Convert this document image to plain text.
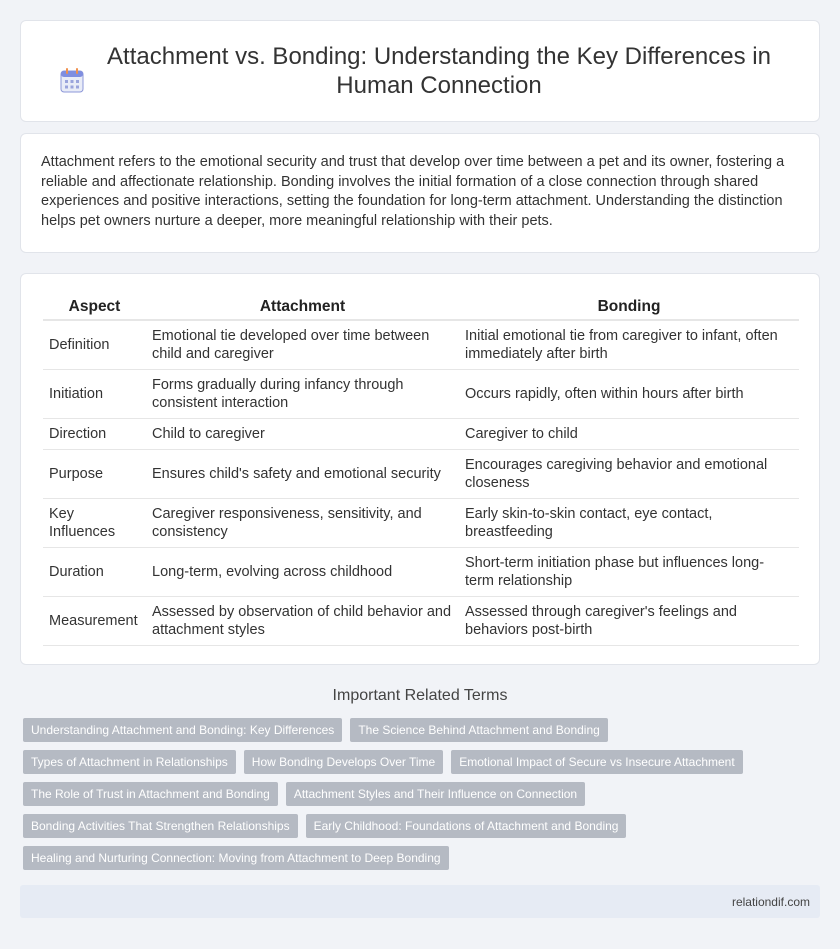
Attachment vs. Bonding: Understanding the Key Differences in Human Connection

Attachment refers to the emotional security and trust that develop over time between a pet and its owner, fostering a reliable and affectionate relationship. Bonding involves the initial formation of a close connection through shared experiences and positive interactions, setting the foundation for long-term attachment. Understanding the distinction helps pet owners nurture a deeper, more meaningful relationship with their pets.

Aspect	Attachment	Bonding
Definition	Emotional tie developed over time between child and caregiver	Initial emotional tie from caregiver to infant, often immediately after birth
Initiation	Forms gradually during infancy through consistent interaction	Occurs rapidly, often within hours after birth
Direction	Child to caregiver	Caregiver to child
Purpose	Ensures child's safety and emotional security	Encourages caregiving behavior and emotional closeness
Key Influences	Caregiver responsiveness, sensitivity, and consistency	Early skin-to-skin contact, eye contact, breastfeeding
Duration	Long-term, evolving across childhood	Short-term initiation phase but influences long-term relationship
Measurement	Assessed by observation of child behavior and attachment styles	Assessed through caregiver's feelings and behaviors post-birth
Important Related Terms
Understanding Attachment and Bonding: Key Differences	The Science Behind Attachment and Bonding
Types of Attachment in Relationships	How Bonding Develops Over Time	Emotional Impact of Secure vs Insecure Attachment
The Role of Trust in Attachment and Bonding	Attachment Styles and Their Influence on Connection
Bonding Activities That Strengthen Relationships	Early Childhood: Foundations of Attachment and Bonding
Healing and Nurturing Connection: Moving from Attachment to Deep Bonding
relationdif.com
